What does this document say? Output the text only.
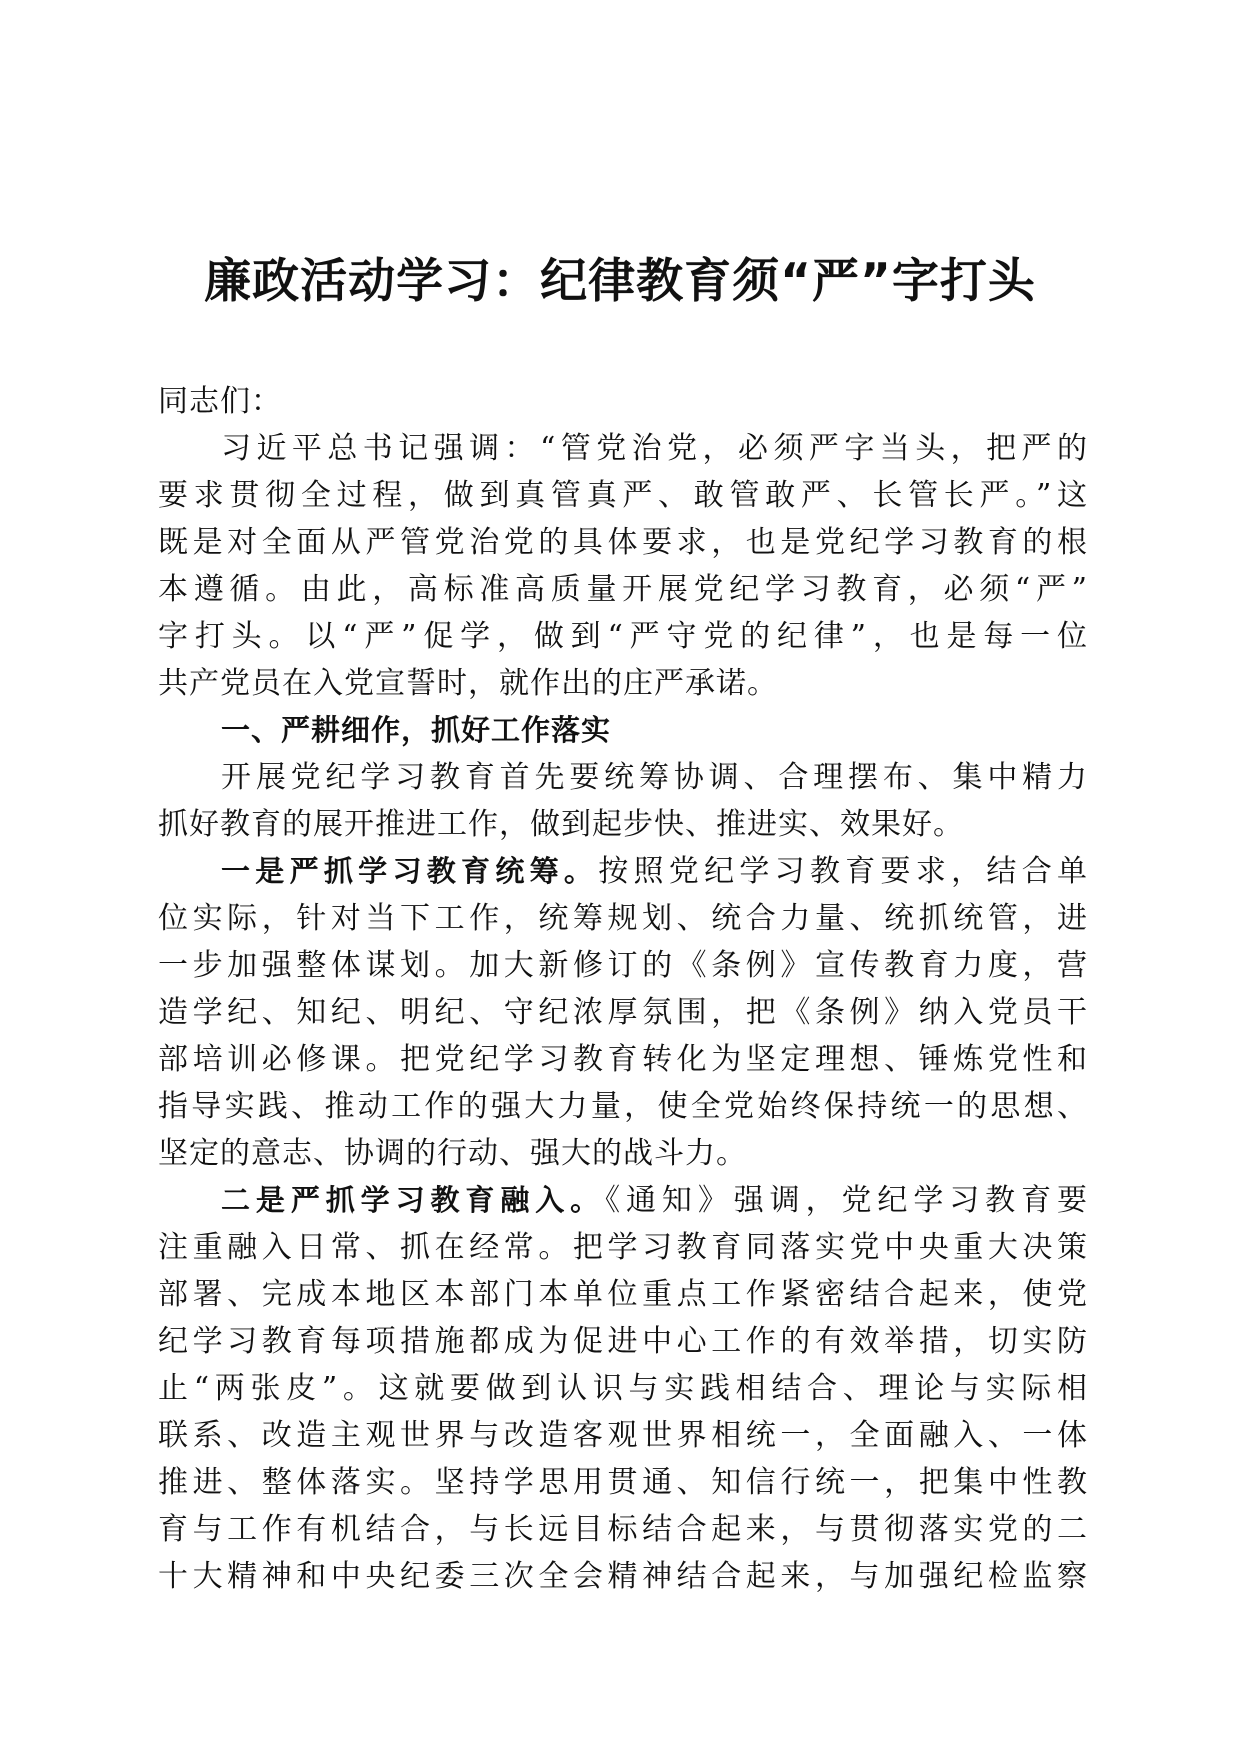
廉政活动学习：纪律教育须“严”字打头
同志们：
习近平总书记强调：“管党治党，必须严字当头，把严的
要求贯彻全过程，做到真管真严、敢管敢严、长管长严。”这
既是对全面从严管党治党的具体要求，也是党纪学习教育的根
本遵循。由此，高标准高质量开展党纪学习教育，必须“严”
字打头。以“严”促学，做到“严守党的纪律”，也是每一位
共产党员在入党宣誓时，就作出的庄严承诺。
一、严耕细作，抓好工作落实
开展党纪学习教育首先要统筹协调、合理摆布、集中精力
抓好教育的展开推进工作，做到起步快、推进实、效果好。
一是严抓学习教育统筹。按照党纪学习教育要求，结合单
位实际，针对当下工作，统筹规划、统合力量、统抓统管，进
一步加强整体谋划。加大新修订的《条例》宣传教育力度，营
造学纪、知纪、明纪、守纪浓厚氛围，把《条例》纳入党员干
部培训必修课。把党纪学习教育转化为坚定理想、锤炼党性和
指导实践、推动工作的强大力量，使全党始终保持统一的思想、
坚定的意志、协调的行动、强大的战斗力。
二是严抓学习教育融入。《通知》强调，党纪学习教育要
注重融入日常、抓在经常。把学习教育同落实党中央重大决策
部署、完成本地区本部门本单位重点工作紧密结合起来，使党
纪学习教育每项措施都成为促进中心工作的有效举措，切实防
止“两张皮”。这就要做到认识与实践相结合、理论与实际相
联系、改造主观世界与改造客观世界相统一，全面融入、一体
推进、整体落实。坚持学思用贯通、知信行统一，把集中性教
育与工作有机结合，与长远目标结合起来，与贯彻落实党的二
十大精神和中央纪委三次全会精神结合起来，与加强纪检监察
